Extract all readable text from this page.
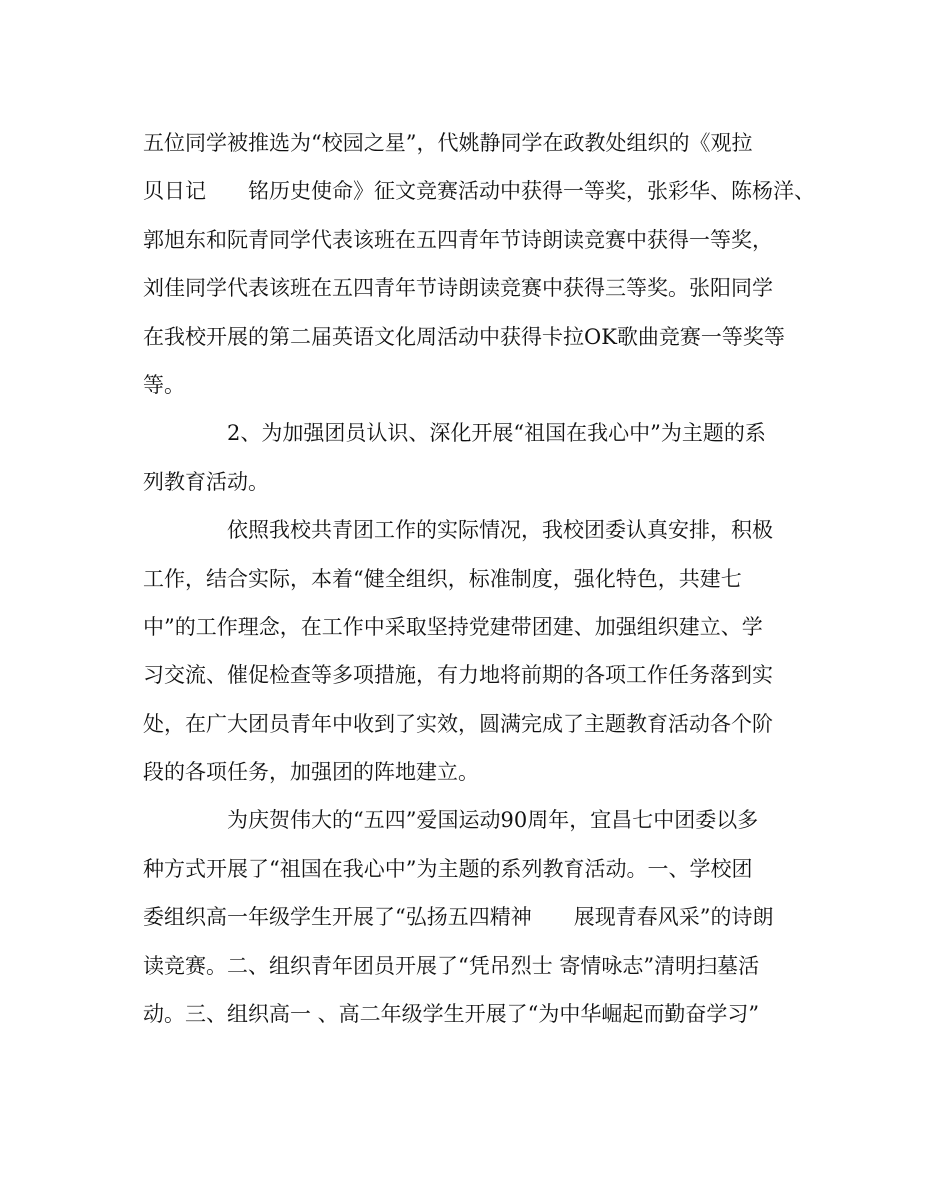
五位同学被推选为“校园之星”，代姚静同学在政教处组织的《观拉
贝日记　　铭历史使命》征文竞赛活动中获得一等奖，张彩华、陈杨洋、
郭旭东和阮青同学代表该班在五四青年节诗朗读竞赛中获得一等奖，
刘佳同学代表该班在五四青年节诗朗读竞赛中获得三等奖。张阳同学
在我校开展的第二届英语文化周活动中获得卡拉OK歌曲竞赛一等奖等
等。
　　　　2、为加强团员认识、深化开展“祖国在我心中”为主题的系
列教育活动。
　　　　依照我校共青团工作的实际情况，我校团委认真安排，积极
工作，结合实际，本着“健全组织，标准制度，强化特色，共建七
中”的工作理念，在工作中采取坚持党建带团建、加强组织建立、学
习交流、催促检查等多项措施，有力地将前期的各项工作任务落到实
处，在广大团员青年中收到了实效，圆满完成了主题教育活动各个阶
段的各项任务，加强团的阵地建立。
　　　　为庆贺伟大的“五四”爱国运动90周年，宜昌七中团委以多
种方式开展了“祖国在我心中”为主题的系列教育活动。一、学校团
委组织高一年级学生开展了“弘扬五四精神　　展现青春风采”的诗朗
读竞赛。二、组织青年团员开展了“凭吊烈士 寄情咏志”清明扫墓活
动。三、组织高一 、高二年级学生开展了“为中华崛起而勤奋学习”
